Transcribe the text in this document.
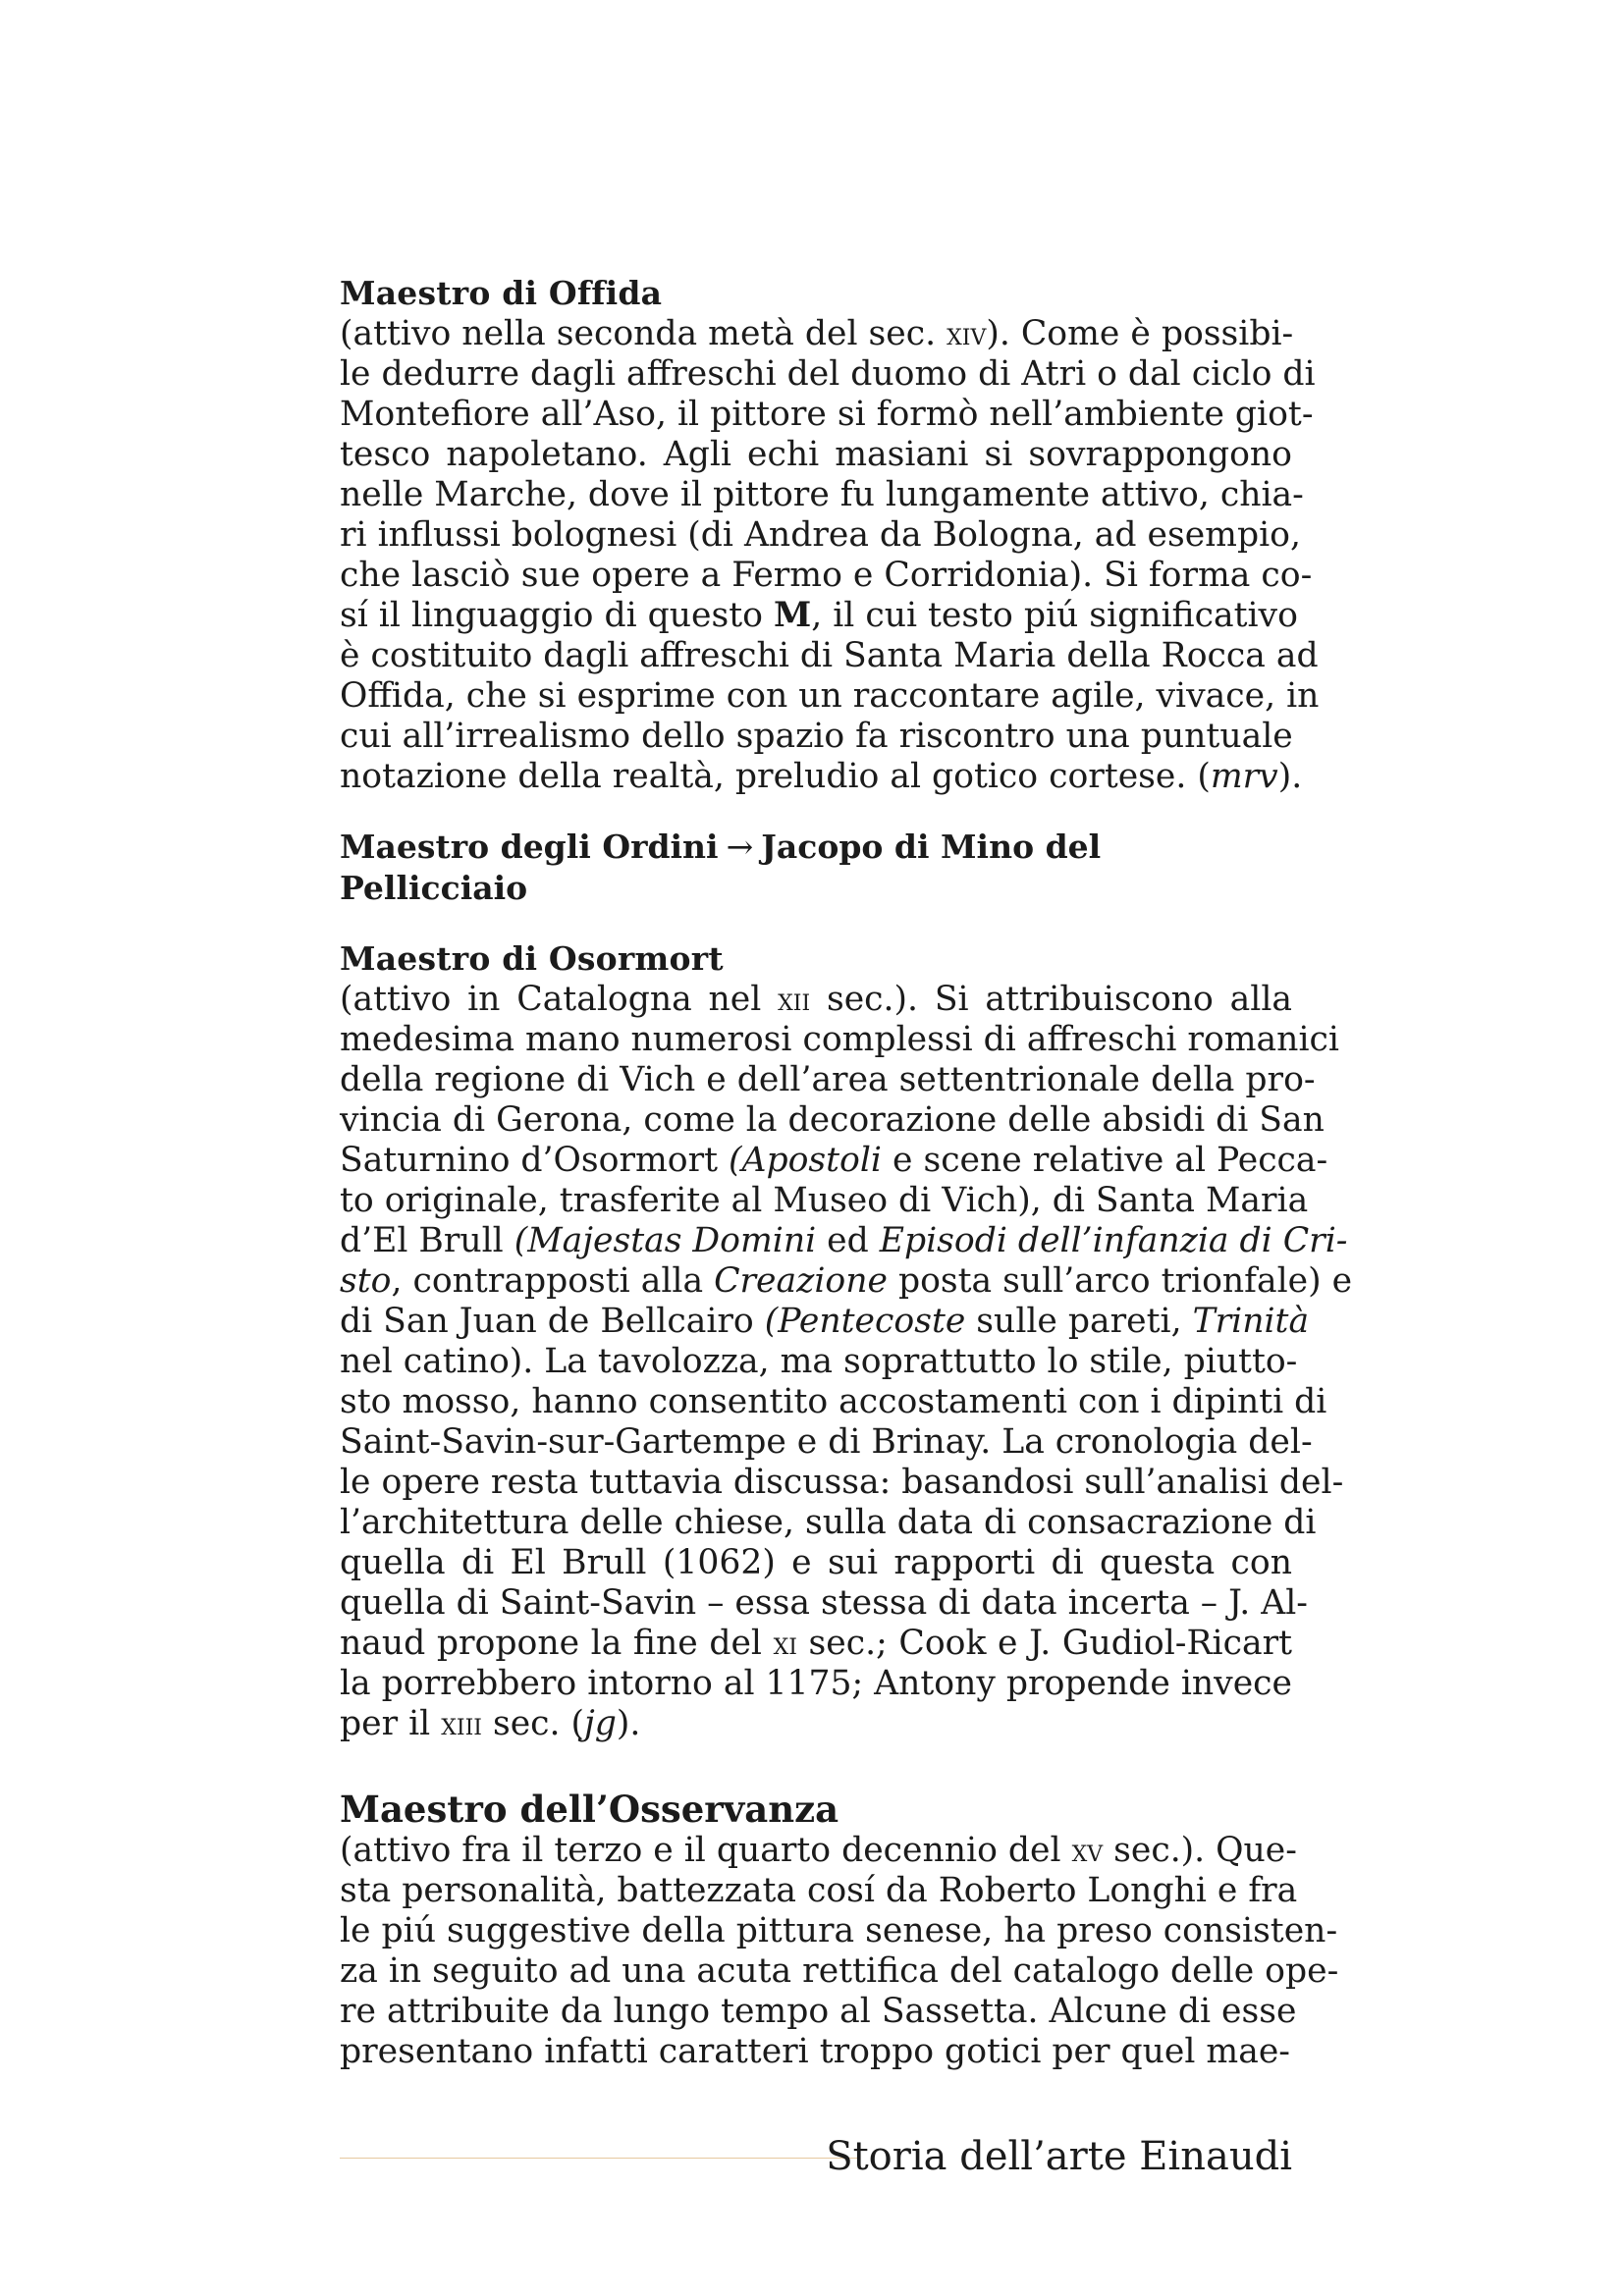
Maestro di Offida
(attivo nella seconda metà del sec. xiv). Come è possibi-
le dedurre dagli affreschi del duomo di Atri o dal ciclo di
Montefiore all’Aso, il pittore si formò nell’ambiente giot-
tesco napoletano. Agli echi masiani si sovrappongono
nelle Marche, dove il pittore fu lungamente attivo, chia-
ri influssi bolognesi (di Andrea da Bologna, ad esempio,
che lasciò sue opere a Fermo e Corridonia). Si forma co-
sí il linguaggio di questo M, il cui testo piú significativo
è costituito dagli affreschi di Santa Maria della Rocca ad
Offida, che si esprime con un raccontare agile, vivace, in
cui all’irrealismo dello spazio fa riscontro una puntuale
notazione della realtà, preludio al gotico cortese. (mrv).
Maestro degli Ordini → Jacopo di Mino del Pellicciaio
Maestro di Osormort
(attivo in Catalogna nel xii sec.). Si attribuiscono alla
medesima mano numerosi complessi di affreschi romanici
della regione di Vich e dell’area settentrionale della pro-
vincia di Gerona, come la decorazione delle absidi di San
Saturnino d’Osormort (Apostoli e scene relative al Pecca-
to originale, trasferite al Museo di Vich), di Santa Maria
d’El Brull (Majestas Domini ed Episodi dell’infanzia di Cri-
sto, contrapposti alla Creazione posta sull’arco trionfale) e
di San Juan de Bellcairo (Pentecoste sulle pareti, Trinità
nel catino). La tavolozza, ma soprattutto lo stile, piutto-
sto mosso, hanno consentito accostamenti con i dipinti di
Saint-Savin-sur-Gartempe e di Brinay. La cronologia del-
le opere resta tuttavia discussa: basandosi sull’analisi del-
l’architettura delle chiese, sulla data di consacrazione di
quella di El Brull (1062) e sui rapporti di questa con
quella di Saint-Savin – essa stessa di data incerta – J. Al-
naud propone la fine del xi sec.; Cook e J. Gudiol-Ricart
la porrebbero intorno al 1175; Antony propende invece
per il xiii sec. (jg).
Maestro dell’Osservanza
(attivo fra il terzo e il quarto decennio del xv sec.). Que-
sta personalità, battezzata cosí da Roberto Longhi e fra
le piú suggestive della pittura senese, ha preso consisten-
za in seguito ad una acuta rettifica del catalogo delle ope-
re attribuite da lungo tempo al Sassetta. Alcune di esse
presentano infatti caratteri troppo gotici per quel mae-
Storia dell’arte Einaudi
